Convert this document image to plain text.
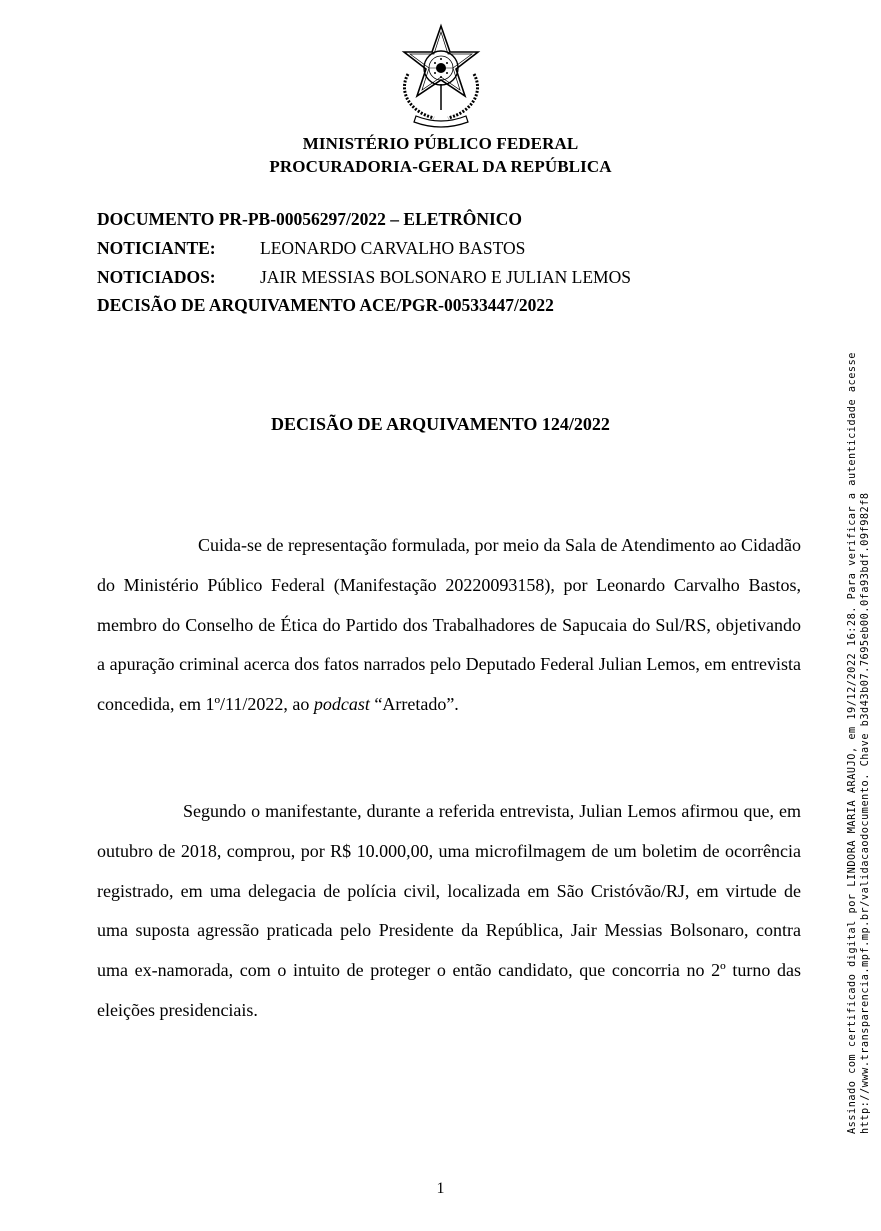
MINISTÉRIO PÚBLICO FEDERAL
PROCURADORIA-GERAL DA REPÚBLICA
DOCUMENTO PR-PB-00056297/2022 – ELETRÔNICO
NOTICIANTE:	LEONARDO CARVALHO BASTOS
NOTICIADOS:	JAIR MESSIAS BOLSONARO E JULIAN LEMOS
DECISÃO DE ARQUIVAMENTO ACE/PGR-00533447/2022
DECISÃO DE ARQUIVAMENTO 124/2022

Cuida-se de representação formulada, por meio da Sala de Atendimento ao Cidadão do Ministério Público Federal (Manifestação 20220093158), por Leonardo Carvalho Bastos, membro do Conselho de Ética do Partido dos Trabalhadores de Sapucaia do Sul/RS, objetivando a apuração criminal acerca dos fatos narrados pelo Deputado Federal Julian Lemos, em entrevista concedida, em 1º/11/2022, ao podcast “Arretado”.

Segundo o manifestante, durante a referida entrevista, Julian Lemos afirmou que, em outubro de 2018, comprou, por R$ 10.000,00, uma microfilmagem de um boletim de ocorrência registrado, em uma delegacia de polícia civil, localizada em São Cristóvão/RJ, em virtude de uma suposta agressão praticada pelo Presidente da República, Jair Messias Bolsonaro, contra uma ex-namorada, com o intuito de proteger o então candidato, que concorria no 2º turno das eleições presidenciais.

1
Assinado com certificado digital por LINDORA MARIA ARAUJO, em 19/12/2022 16:28. Para verificar a autenticidade acesse http://www.transparencia.mpf.mp.br/validacaodocumento. Chave b3d43b07.7695eb00.0fa93bdf.09f982f8
